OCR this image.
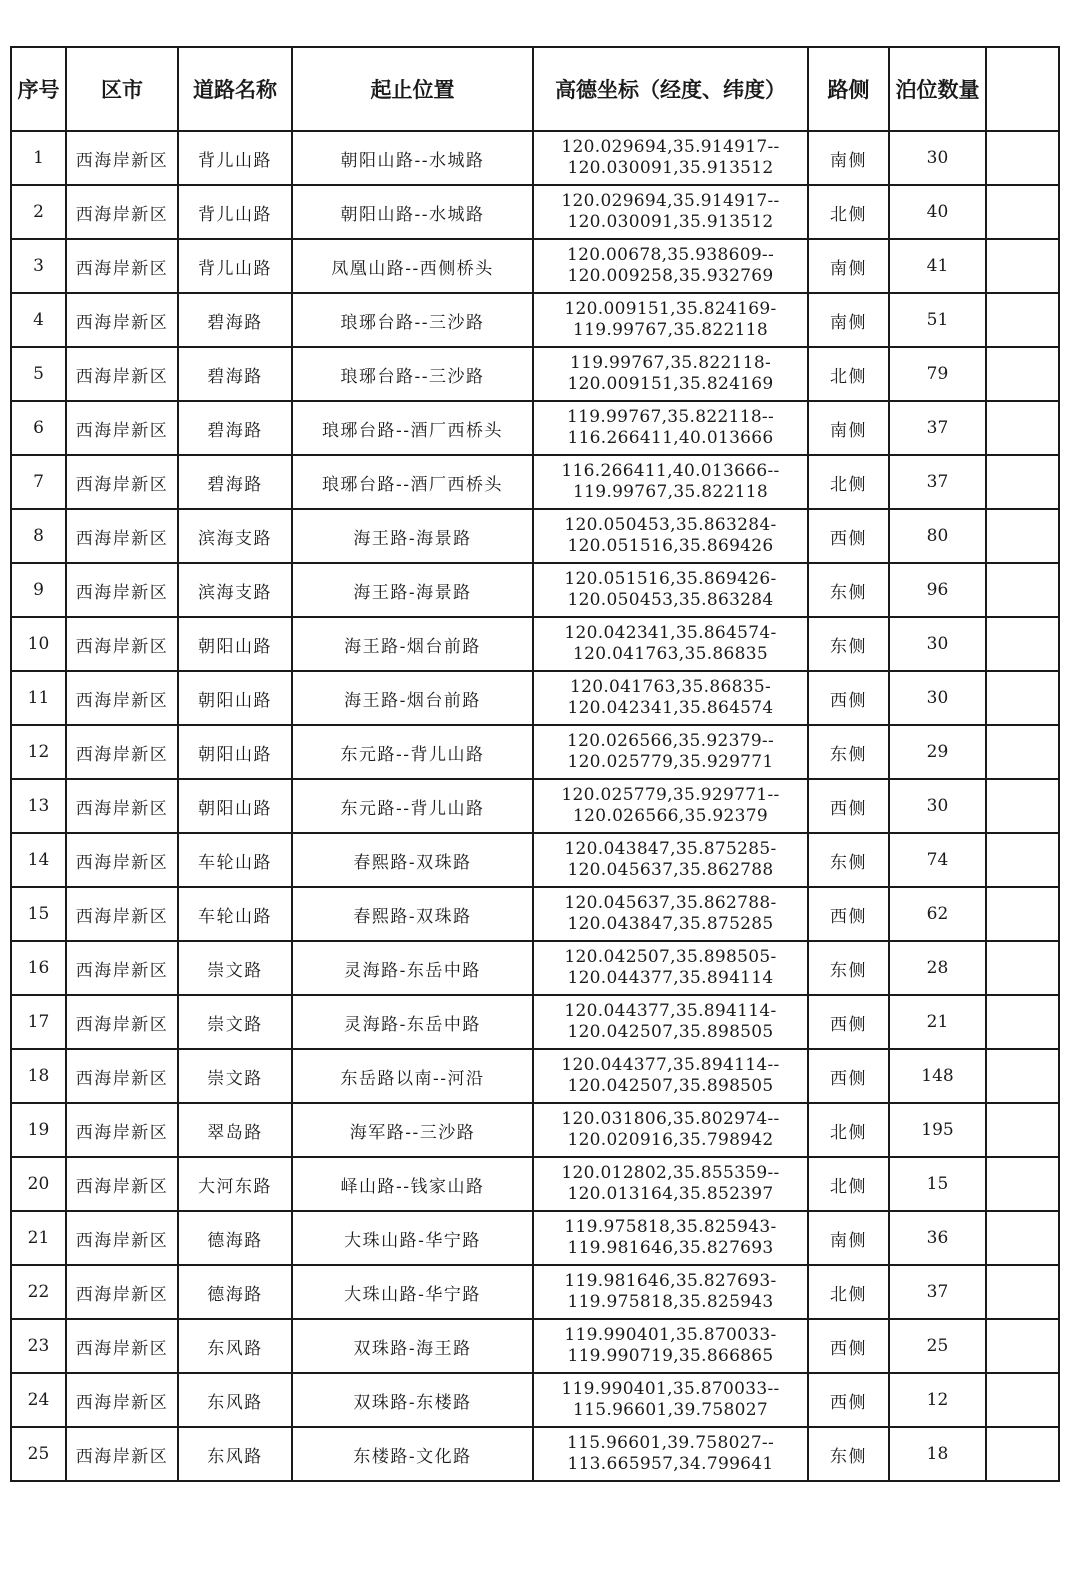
序号	区市	道路名称	起止位置	高德坐标（经度、纬度）	路侧	泊位数量	
1	西海岸新区	背儿山路	朝阳山路--水城路	120.029694,35.914917--
120.030091,35.913512	南侧	30	
2	西海岸新区	背儿山路	朝阳山路--水城路	120.029694,35.914917--
120.030091,35.913512	北侧	40	
3	西海岸新区	背儿山路	凤凰山路--西侧桥头	120.00678,35.938609--
120.009258,35.932769	南侧	41	
4	西海岸新区	碧海路	琅琊台路--三沙路	120.009151,35.824169-
119.99767,35.822118	南侧	51	
5	西海岸新区	碧海路	琅琊台路--三沙路	119.99767,35.822118-
120.009151,35.824169	北侧	79	
6	西海岸新区	碧海路	琅琊台路--酒厂西桥头	119.99767,35.822118--
116.266411,40.013666	南侧	37	
7	西海岸新区	碧海路	琅琊台路--酒厂西桥头	116.266411,40.013666--
119.99767,35.822118	北侧	37	
8	西海岸新区	滨海支路	海王路-海景路	120.050453,35.863284-
120.051516,35.869426	西侧	80	
9	西海岸新区	滨海支路	海王路-海景路	120.051516,35.869426-
120.050453,35.863284	东侧	96	
10	西海岸新区	朝阳山路	海王路-烟台前路	120.042341,35.864574-
120.041763,35.86835	东侧	30	
11	西海岸新区	朝阳山路	海王路-烟台前路	120.041763,35.86835-
120.042341,35.864574	西侧	30	
12	西海岸新区	朝阳山路	东元路--背儿山路	120.026566,35.92379--
120.025779,35.929771	东侧	29	
13	西海岸新区	朝阳山路	东元路--背儿山路	120.025779,35.929771--
120.026566,35.92379	西侧	30	
14	西海岸新区	车轮山路	春熙路-双珠路	120.043847,35.875285-
120.045637,35.862788	东侧	74	
15	西海岸新区	车轮山路	春熙路-双珠路	120.045637,35.862788-
120.043847,35.875285	西侧	62	
16	西海岸新区	崇文路	灵海路-东岳中路	120.042507,35.898505-
120.044377,35.894114	东侧	28	
17	西海岸新区	崇文路	灵海路-东岳中路	120.044377,35.894114-
120.042507,35.898505	西侧	21	
18	西海岸新区	崇文路	东岳路以南--河沿	120.044377,35.894114--
120.042507,35.898505	西侧	148	
19	西海岸新区	翠岛路	海军路--三沙路	120.031806,35.802974--
120.020916,35.798942	北侧	195	
20	西海岸新区	大河东路	峄山路--钱家山路	120.012802,35.855359--
120.013164,35.852397	北侧	15	
21	西海岸新区	德海路	大珠山路-华宁路	119.975818,35.825943-
119.981646,35.827693	南侧	36	
22	西海岸新区	德海路	大珠山路-华宁路	119.981646,35.827693-
119.975818,35.825943	北侧	37	
23	西海岸新区	东风路	双珠路-海王路	119.990401,35.870033-
119.990719,35.866865	西侧	25	
24	西海岸新区	东风路	双珠路-东楼路	119.990401,35.870033--
115.96601,39.758027	西侧	12	
25	西海岸新区	东风路	东楼路-文化路	115.96601,39.758027--
113.665957,34.799641	东侧	18	
